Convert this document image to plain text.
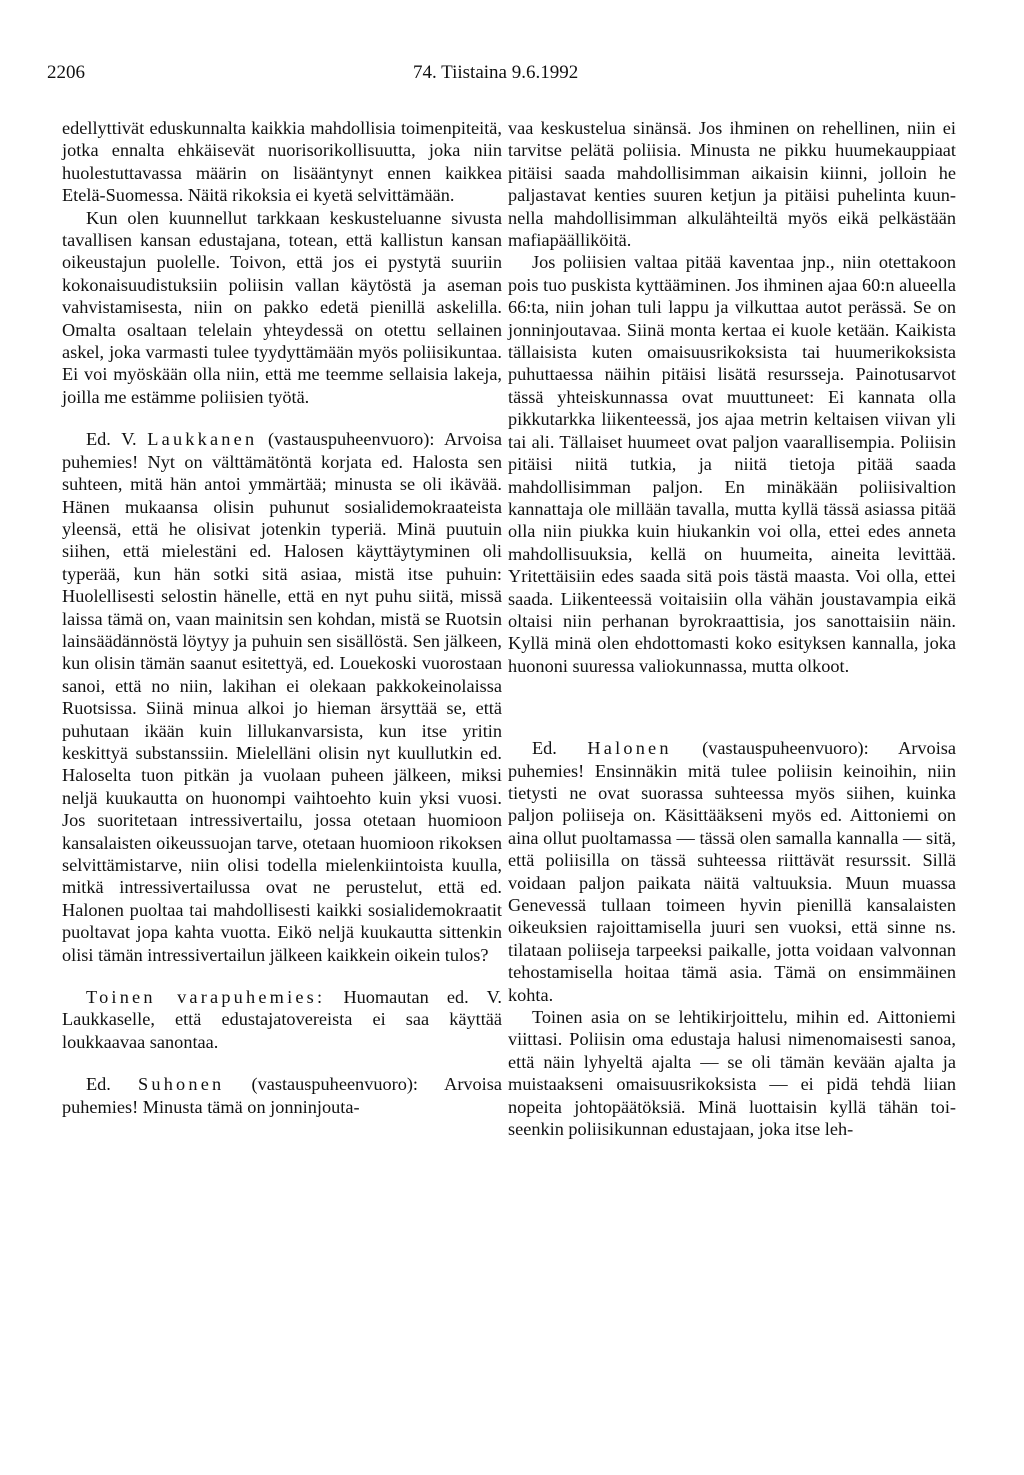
2206	74. Tiistaina 9.6.1992

edellyttivät eduskunnalta kaikkia mahdollisia toimenpiteitä, jotka ennalta ehkäisevät nuorisorikollisuutta, joka niin huolestuttavassa määrin on lisääntynyt ennen kaikkea Etelä-Suomessa. Näitä rikoksia ei kyetä selvittämään.

Kun olen kuunnellut tarkkaan keskusteluanne sivusta tavallisen kansan edustajana, totean, että kallistun kansan oikeustajun puolelle. Toivon, että jos ei pystytä suuriin kokonaisuudistuksiin poliisin vallan käytöstä ja aseman vahvistamisesta, niin on pakko edetä pienillä askelilla. Omalta osaltaan telelain yhteydessä on otettu sellainen askel, joka varmasti tulee tyydyttämään myös poliisikuntaa. Ei voi myöskään olla niin, että me teemme sellaisia lakeja, joilla me estämme poliisien työtä.

Ed. V. Laukkanen (vastauspuheenvuoro): Arvoisa puhemies! Nyt on välttämätöntä korjata ed. Halosta sen suhteen, mitä hän antoi ymmärtää; minusta se oli ikävää. Hänen mukaansa olisin puhunut sosialidemokraateista yleensä, että he olisivat jotenkin typeriä. Minä puutuin siihen, että mielestäni ed. Halosen käyttäytyminen oli typerää, kun hän sotki sitä asiaa, mistä itse puhuin: Huolellisesti selostin hänelle, että en nyt puhu siitä, missä laissa tämä on, vaan mainitsin sen kohdan, mistä se Ruotsin lainsäädännöstä löytyy ja puhuin sen sisällöstä. Sen jälkeen, kun olisin tämän saanut esitettyä, ed. Louekoski vuorostaan sanoi, että no niin, lakihan ei olekaan pakkokeinolaissa Ruotsissa. Siinä minua alkoi jo hieman ärsyttää se, että puhutaan ikään kuin lillukanvarsista, kun itse yritin keskittyä substanssiin. Mielelläni olisin nyt kuullutkin ed. Haloselta tuon pitkän ja vuolaan puheen jälkeen, miksi neljä kuukautta on huonompi vaihtoehto kuin yksi vuosi. Jos suoritetaan intressivertailu, jossa otetaan huomioon kansalaisten oikeussuojan tarve, otetaan huomioon rikoksen selvittämistarve, niin olisi todella mielenkiintoista kuulla, mitkä intressivertailussa ovat ne perustelut, että ed. Halonen puoltaa tai mahdollisesti kaikki sosialidemokraatit puoltavat jopa kahta vuotta. Eikö neljä kuukautta sittenkin olisi tämän intressivertailun jälkeen kaikkein oikein tulos?

Toinen varapuhemies: Huomautan ed. V. Laukkaselle, että edustajatovereista ei saa käyttää loukkaavaa sanontaa.

Ed. Suhonen (vastauspuheenvuoro): Arvoisa puhemies! Minusta tämä on jonninjouta-

vaa keskustelua sinänsä. Jos ihminen on rehellinen, niin ei tarvitse pelätä poliisia. Minusta ne pikku huumekauppiaat pitäisi saada mahdollisimman aikaisin kiinni, jolloin he paljastavat kenties suuren ketjun ja pitäisi puhelinta kuunnella mahdollisimman alkulähteiltä myös eikä pelkästään mafiapäälliköitä.

Jos poliisien valtaa pitää kaventaa jnp., niin otettakoon pois tuo puskista kyttääminen. Jos ihminen ajaa 60:n alueella 66:ta, niin johan tuli lappu ja vilkuttaa autot perässä. Se on jonninjoutavaa. Siinä monta kertaa ei kuole ketään. Kaikista tällaisista kuten omaisuusrikoksista tai huumerikoksista puhuttaessa näihin pitäisi lisätä resursseja. Painotusarvot tässä yhteiskunnassa ovat muuttuneet: Ei kannata olla pikkutarkka liikenteessä, jos ajaa metrin keltaisen viivan yli tai ali. Tällaiset huumeet ovat paljon vaarallisempia. Poliisin pitäisi niitä tutkia, ja niitä tietoja pitää saada mahdollisimman paljon. En minäkään poliisivaltion kannattaja ole millään tavalla, mutta kyllä tässä asiassa pitää olla niin piukka kuin hiukankin voi olla, ettei edes anneta mahdollisuuksia, kellä on huumeita, aineita levittää. Yritettäisiin edes saada sitä pois tästä maasta. Voi olla, ettei saada. Liikenteessä voitaisiin olla vähän joustavampia eikä oltaisi niin perhanan byrokraattisia, jos sanottaisiin näin. Kyllä minä olen ehdottomasti koko esityksen kannalla, joka huononi suuressa valiokunnassa, mutta olkoot.

Ed. Halonen (vastauspuheenvuoro): Arvoisa puhemies! Ensinnäkin mitä tulee poliisin keinoihin, niin tietysti ne ovat suorassa suhteessa myös siihen, kuinka paljon poliiseja on. Käsittääkseni myös ed. Aittoniemi on aina ollut puoltamassa — tässä olen samalla kannalla — sitä, että poliisilla on tässä suhteessa riittävät resurssit. Sillä voidaan paljon paikata näitä valtuuksia. Muun muassa Genevessä tullaan toimeen hyvin pienillä kansalaisten oikeuksien rajoittamisella juuri sen vuoksi, että sinne ns. tilataan poliiseja tarpeeksi paikalle, jotta voidaan valvonnan tehostamisella hoitaa tämä asia. Tämä on ensimmäinen kohta.

Toinen asia on se lehtikirjoittelu, mihin ed. Aittoniemi viittasi. Poliisin oma edustaja halusi nimenomaisesti sanoa, että näin lyhyeltä ajalta — se oli tämän kevään ajalta ja muistaakseni omaisuusrikoksista — ei pidä tehdä liian nopeita johtopäätöksiä. Minä luottaisin kyllä tähän toiseenkin poliisikunnan edustajaan, joka itse leh-
